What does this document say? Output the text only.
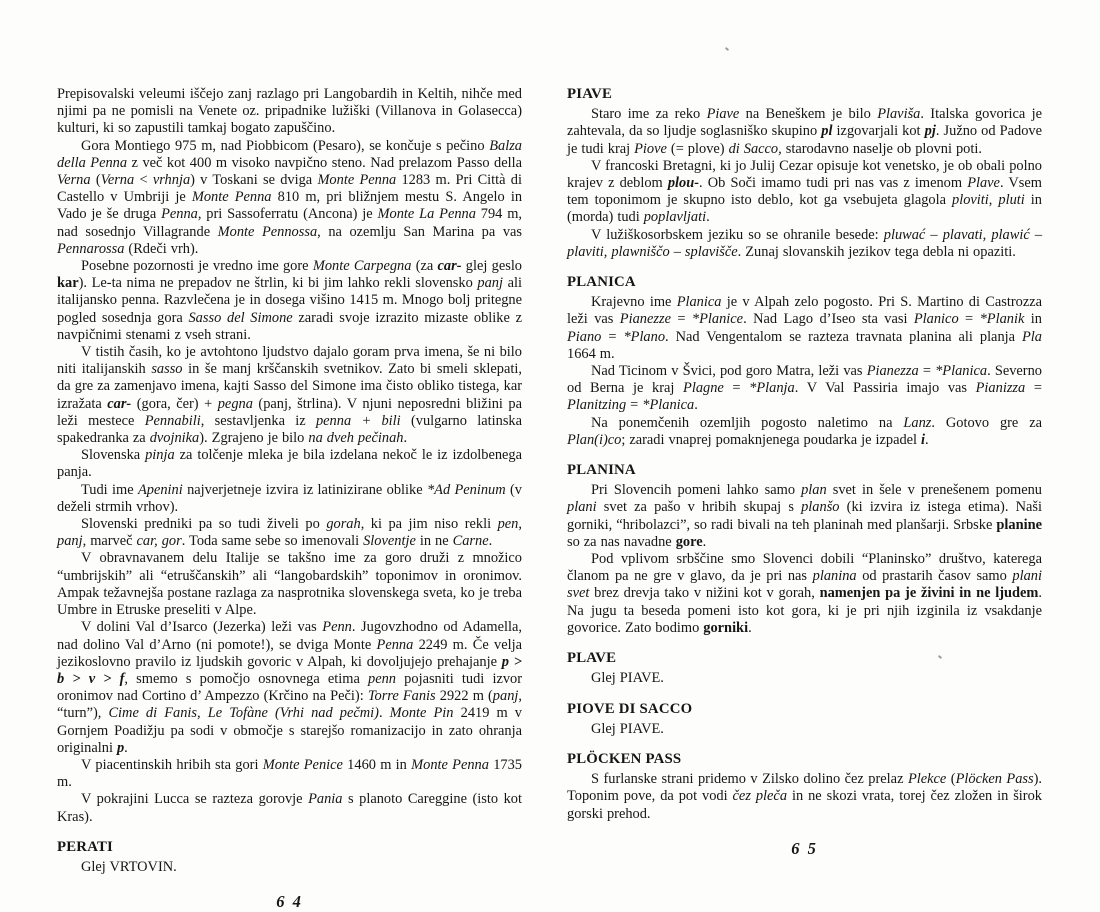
Prepisovalski veleumi iščejo zanj razlago pri Langobardih in Keltih, nihče med njimi pa ne pomisli na Venete oz. pripadnike lužiški (Villanova in Golasecca) kulturi, ki so zapustili tamkaj bogato zapuščino.

Gora Montiego 975 m, nad Piobbicom (Pesaro), se končuje s pečino Balza della Penna z več kot 400 m visoko navpično steno. Nad prelazom Passo della Verna (Verna < vrhnja) v Toskani se dviga Monte Penna 1283 m. Pri Città di Castello v Umbriji je Monte Penna 810 m, pri bližnjem mestu S. Angelo in Vado je še druga Penna, pri Sassoferratu (Ancona) je Monte La Penna 794 m, nad sosednjo Villagrande Monte Pennossa, na ozemlju San Marina pa vas Pennarossa (Rdeči vrh).

Posebne pozornosti je vredno ime gore Monte Carpegna (za car- glej geslo kar). Le-ta nima ne prepadov ne štrlin, ki bi jim lahko rekli slovensko panj ali italijansko penna. Razvlečena je in dosega višino 1415 m. Mnogo bolj pritegne pogled sosednja gora Sasso del Simone zaradi svoje izrazito mizaste oblike z navpičnimi stenami z vseh strani.

V tistih časih, ko je avtohtono ljudstvo dajalo goram prva imena, še ni bilo niti italijanskih sasso in še manj krščanskih svetnikov. Zato bi smeli sklepati, da gre za zamenjavo imena, kajti Sasso del Simone ima čisto obliko tistega, kar izražata car- (gora, čer) + pegna (panj, štrlina). V njuni neposredni bližini pa leži mestece Pennabili, sestavljenka iz penna + bili (vulgarno latinska spakedranka za dvojnika). Zgrajeno je bilo na dveh pečinah.

Slovenska pinja za tolčenje mleka je bila izdelana nekoč le iz izdolbenega panja.

Tudi ime Apenini najverjetneje izvira iz latinizirane oblike *Ad Peninum (v deželi strmih vrhov).

Slovenski predniki pa so tudi živeli po gorah, ki pa jim niso rekli pen, panj, marveč car, gor. Toda same sebe so imenovali Sloventje in ne Carne.

V obravnavanem delu Italije se takšno ime za goro druži z množico “umbrijskih” ali “etruščanskih” ali “langobardskih” toponimov in oronimov. Ampak težavnejša postane razlaga za nasprotnika slovenskega sveta, ko je treba Umbre in Etruske preseliti v Alpe.

V dolini Val d’Isarco (Jezerka) leži vas Penn. Jugovzhodno od Adamella, nad dolino Val d’Arno (ni pomote!), se dviga Monte Penna 2249 m. Če velja jezikoslovno pravilo iz ljudskih govoric v Alpah, ki dovoljujejo prehajanje p > b > v > f, smemo s pomočjo osnovnega etima penn pojasniti tudi izvor oronimov nad Cortino d’ Ampezzo (Krčino na Peči): Torre Fanis 2922 m (panj, “turn”), Cime di Fanis, Le Tofàne (Vrhi nad pečmi). Monte Pin 2419 m v Gornjem Poadižju pa sodi v območje s starejšo romanizacijo in zato ohranja originalni p.

V piacentinskih hribih sta gori Monte Penice 1460 m in Monte Penna 1735 m.

V pokrajini Lucca se razteza gorovje Pania s planoto Careggine (isto kot Kras).

PERATI

Glej VRTOVIN.

6 4
PIAVE

Staro ime za reko Piave na Beneškem je bilo Plaviša. Italska govorica je zahtevala, da so ljudje soglasniško skupino pl izgovarjali kot pj. Južno od Padove je tudi kraj Piove (= plove) di Sacco, starodavno naselje ob plovni poti.

V francoski Bretagni, ki jo Julij Cezar opisuje kot venetsko, je ob obali polno krajev z deblom plou-. Ob Soči imamo tudi pri nas vas z imenom Plave. Vsem tem toponimom je skupno isto deblo, kot ga vsebujeta glagola ploviti, pluti in (morda) tudi poplavljati.

V lužiškosorbskem jeziku so se ohranile besede: pluwać – plavati, plawić – plaviti, plawniščo – splavišče. Zunaj slovanskih jezikov tega debla ni opaziti.

PLANICA

Krajevno ime Planica je v Alpah zelo pogosto. Pri S. Martino di Castrozza leži vas Pianezze = *Planice. Nad Lago d’Iseo sta vasi Planico = *Planik in Piano = *Plano. Nad Vengentalom se razteza travnata planina ali planja Pla 1664 m.

Nad Ticinom v Švici, pod goro Matra, leži vas Pianezza = *Planica. Severno od Berna je kraj Plagne = *Planja. V Val Passiria imajo vas Pianizza = Planitzing = *Planica.

Na ponemčenih ozemljih pogosto naletimo na Lanz. Gotovo gre za Plan(i)co; zaradi vnaprej pomaknjenega poudarka je izpadel i.

PLANINA

Pri Slovencih pomeni lahko samo plan svet in šele v prenešenem pomenu plani svet za pašo v hribih skupaj s planšo (ki izvira iz istega etima). Naši gorniki, “hribolazci”, so radi bivali na teh planinah med planšarji. Srbske planine so za nas navadne gore.

Pod vplivom srbščine smo Slovenci dobili “Planinsko” društvo, katerega članom pa ne gre v glavo, da je pri nas planina od prastarih časov samo plani svet brez drevja tako v nižini kot v gorah, namenjen pa je živini in ne ljudem. Na jugu ta beseda pomeni isto kot gora, ki je pri njih izginila iz vsakdanje govorice. Zato bodimo gorniki.

PLAVE

Glej PIAVE.

PIOVE DI SACCO

Glej PIAVE.

PLÖCKEN PASS

S furlanske strani pridemo v Zilsko dolino čez prelaz Plekce (Plöcken Pass). Toponim pove, da pot vodi čez pleča in ne skozi vrata, torej čez zložen in širok gorski prehod.

6 5
